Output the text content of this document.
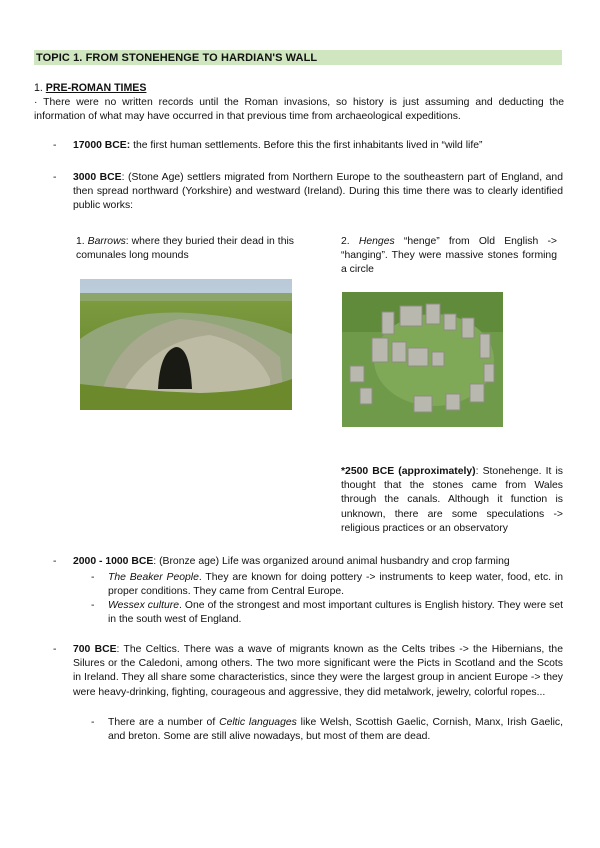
TOPIC 1. FROM STONEHENGE TO HARDIAN'S WALL
1. PRE-ROMAN TIMES
· There were no written records until the Roman invasions, so history is just assuming and deducting the information of what may have occurred in that previous time from archaeological expeditions.
- 17000 BCE: the first human settlements. Before this the first inhabitants lived in “wild life”
- 3000 BCE: (Stone Age) settlers migrated from Northern Europe to the southeastern part of England, and then spread northward (Yorkshire) and westward (Ireland). During this time there was to clearly identified public works:
1. Barrows: where they buried their dead in this comunales long mounds
2. Henges “henge” from Old English -> “hanging”. They were massive stones forming a circle
*2500 BCE (approximately): Stonehenge. It is thought that the stones came from Wales through the canals. Although it function is unknown, there are some speculations -> religious practices or an observatory
- 2000 - 1000 BCE: (Bronze age) Life was organized around animal husbandry and crop farming
- The Beaker People. They are known for doing pottery -> instruments to keep water, food, etc. in proper conditions. They came from Central Europe.
- Wessex culture. One of the strongest and most important cultures is English history. They were set in the south west of England.
- 700 BCE: The Celtics. There was a wave of migrants known as the Celts tribes -> the Hibernians, the Silures or the Caledoni, among others. The two more significant were the Picts in Scotland and the Scots in Ireland. They all share some characteristics, since they were the largest group in ancient Europe -> they were heavy-drinking, fighting, courageous and aggressive, they did metalwork, jewelry, colorful ropes...
- There are a number of Celtic languages like Welsh, Scottish Gaelic, Cornish, Manx, Irish Gaelic, and breton. Some are still alive nowadays, but most of them are dead.
